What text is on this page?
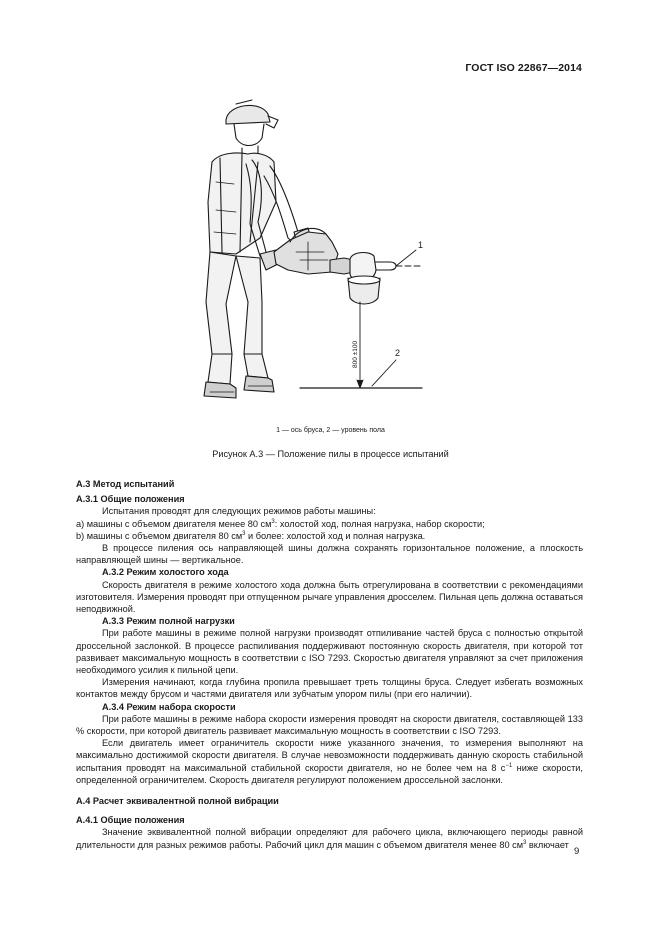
ГОСТ ISO 22867—2014
1
2
800 ±100
1 — ось бруса, 2 — уровень пола
Рисунок А.3 — Положение пилы в процессе испытаний

А.3 Метод испытаний

А.3.1 Общие положения

Испытания проводят для следующих режимов работы машины:

а) машины с объемом двигателя менее 80 $см^3$: холостой ход, полная нагрузка, набор скорости;

b) машины с объемом двигателя 80 $см^3$ и более: холостой ход и полная нагрузка.

В процессе пиления ось направляющей шины должна сохранять горизонтальное положение, а плоскость направляющей шины — вертикальное.

А.3.2 Режим холостого хода

Скорость двигателя в режиме холостого хода должна быть отрегулирована в соответствии с рекомендациями изготовителя. Измерения проводят при отпущенном рычаге управления дросселем. Пильная цепь должна оставаться неподвижной.

А.3.3 Режим полной нагрузки

При работе машины в режиме полной нагрузки производят отпиливание частей бруса с полностью открытой дроссельной заслонкой. В процессе распиливания поддерживают постоянную скорость двигателя, при которой тот развивает максимальную мощность в соответствии с ISO 7293. Скоростью двигателя управляют за счет приложения необходимого усилия к пильной цепи.

Измерения начинают, когда глубина пропила превышает треть толщины бруса. Следует избегать возможных контактов между брусом и частями двигателя или зубчатым упором пилы (при его наличии).

А.3.4 Режим набора скорости

При работе машины в режиме набора скорости измерения проводят на скорости двигателя, составляющей 133 % скорости, при которой двигатель развивает максимальную мощность в соответствии с ISO 7293.

Если двигатель имеет ограничитель скорости ниже указанного значения, то измерения выполняют на максимально достижимой скорости двигателя. В случае невозможности поддерживать данную скорость стабильной испытания проводят на максимальной стабильной скорости двигателя, но не более чем на 8 $с^{-1}$ ниже скорости, определенной ограничителем. Скорость двигателя регулируют положением дроссельной заслонки.

А.4 Расчет эквивалентной полной вибрации

А.4.1 Общие положения

Значение эквивалентной полной вибрации определяют для рабочего цикла, включающего периоды равной длительности для разных режимов работы. Рабочий цикл для машин с объемом двигателя менее 80 $см^3$ включает

9
